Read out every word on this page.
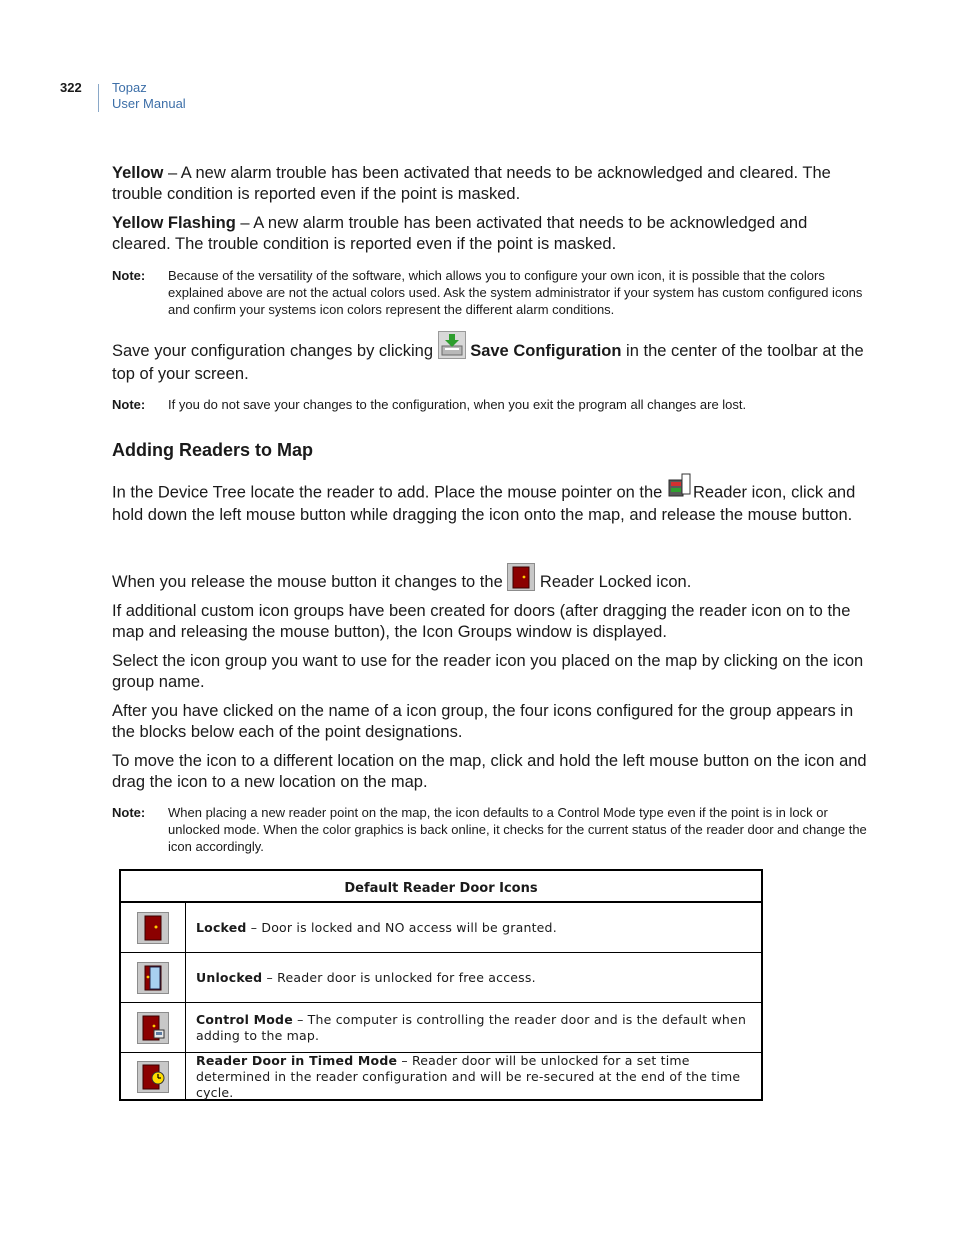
322 Topaz
User Manual

Yellow – A new alarm trouble has been activated that needs to be acknowledged and cleared. The trouble condition is reported even if the point is masked.

Yellow Flashing – A new alarm trouble has been activated that needs to be acknowledged and cleared. The trouble condition is reported even if the point is masked.

Note:	Because of the versatility of the software, which allows you to configure your own icon, it is possible that the colors explained above are not the actual colors used. Ask the system administrator if your system has custom configured icons and confirm your systems icon colors represent the different alarm conditions.

Save your configuration changes by clicking  Save Configuration in the center of the toolbar at the top of your screen.

Note:	If you do not save your changes to the configuration, when you exit the program all changes are lost.
Adding Readers to Map

In the Device Tree locate the reader to add. Place the mouse pointer on the Reader icon, click and hold down the left mouse button while dragging the icon onto the map, and release the mouse button.

When you release the mouse button it changes to the  Reader Locked icon.

If additional custom icon groups have been created for doors (after dragging the reader icon on to the map and releasing the mouse button), the Icon Groups window is displayed.

Select the icon group you want to use for the reader icon you placed on the map by clicking on the icon group name.

After you have clicked on the name of a icon group, the four icons configured for the group appears in the blocks below each of the point designations.

To move the icon to a different location on the map, click and hold the left mouse button on the icon and drag the icon to a new location on the map.

Note:	When placing a new reader point on the map, the icon defaults to a Control Mode type even if the point is in lock or unlocked mode. When the color graphics is back online, it checks for the current status of the reader door and change the icon accordingly.
Default Reader Door Icons
Locked – Door is locked and NO access will be granted.
Unlocked – Reader door is unlocked for free access.
Control Mode – The computer is controlling the reader door and is the default when adding to the map.
Reader Door in Timed Mode – Reader door will be unlocked for a set time determined in the reader configuration and will be re-secured at the end of the time cycle.
